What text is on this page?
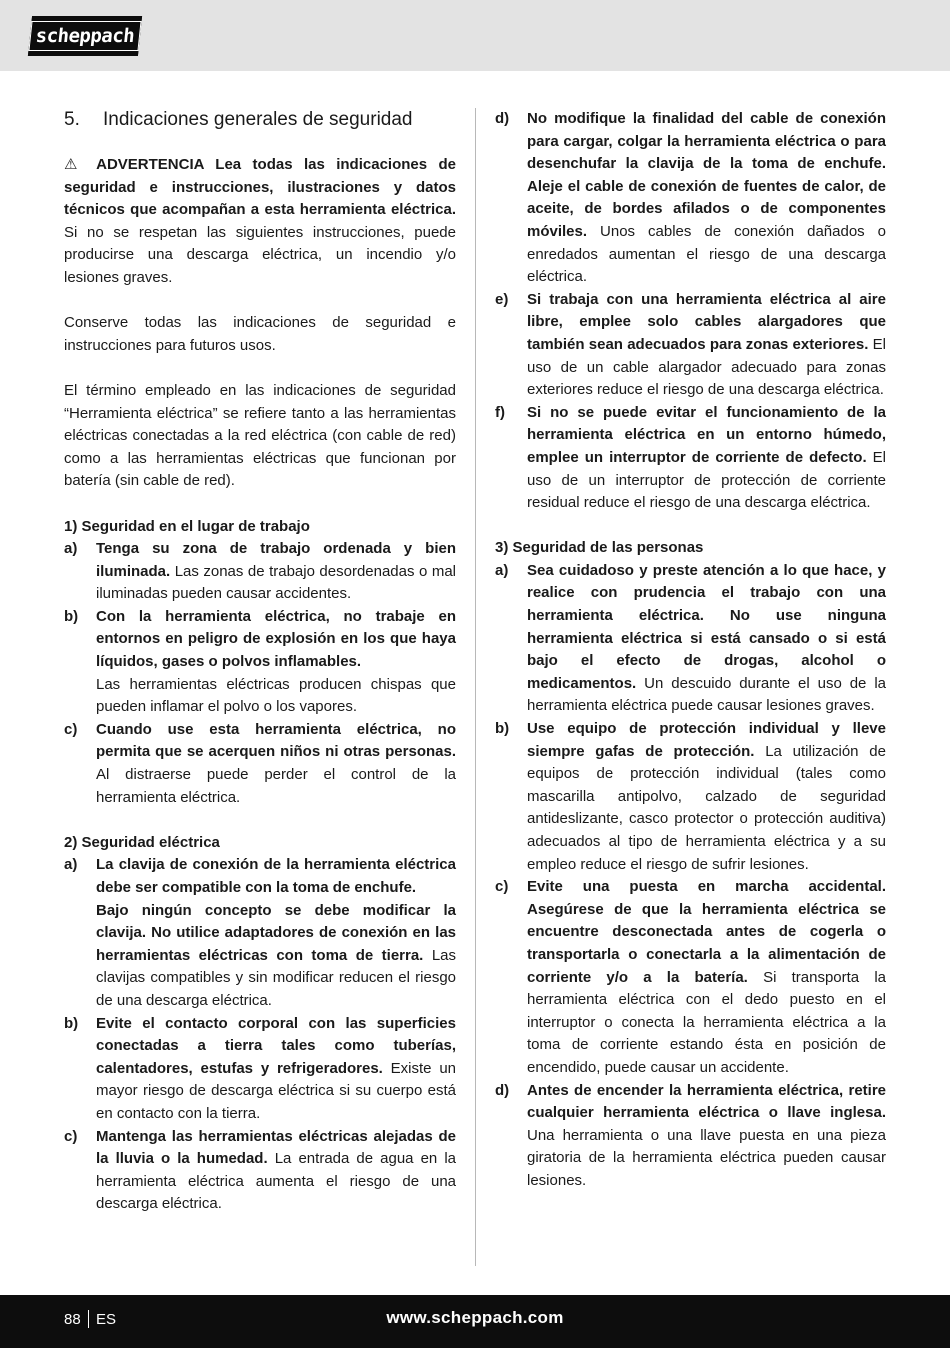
scheppach
5.	Indicaciones generales de seguridad

⚠ ADVERTENCIA Lea todas las indicaciones de seguridad e instrucciones, ilustraciones y datos técnicos que acompañan a esta herramienta eléctrica. Si no se respetan las siguientes instrucciones, puede producirse una descarga eléctrica, un incendio y/o lesiones graves.

Conserve todas las indicaciones de seguridad e instrucciones para futuros usos.

El término empleado en las indicaciones de seguridad “Herramienta eléctrica” se refiere tanto a las herramientas eléctricas conectadas a la red eléctrica (con cable de red) como a las herramientas eléctricas que funcionan por batería (sin cable de red).

1) Seguridad en el lugar de trabajo

a)	Tenga su zona de trabajo ordenada y bien iluminada. Las zonas de trabajo desordenadas o mal iluminadas pueden causar accidentes.
b)	Con la herramienta eléctrica, no trabaje en entornos en peligro de explosión en los que haya líquidos, gases o polvos inflamables.
Las herramientas eléctricas producen chispas que pueden inflamar el polvo o los vapores.
c)	Cuando use esta herramienta eléctrica, no permita que se acerquen niños ni otras personas. Al distraerse puede perder el control de la herramienta eléctrica.

2) Seguridad eléctrica

a)	La clavija de conexión de la herramienta eléctrica debe ser compatible con la toma de enchufe.
Bajo ningún concepto se debe modificar la clavija. No utilice adaptadores de conexión en las herramientas eléctricas con toma de tierra. Las clavijas compatibles y sin modificar reducen el riesgo de una descarga eléctrica.
b)	Evite el contacto corporal con las superficies conectadas a tierra tales como tuberías, calentadores, estufas y refrigeradores. Existe un mayor riesgo de descarga eléctrica si su cuerpo está en contacto con la tierra.
c)	Mantenga las herramientas eléctricas alejadas de la lluvia o la humedad. La entrada de agua en la herramienta eléctrica aumenta el riesgo de una descarga eléctrica.
d)	No modifique la finalidad del cable de conexión para cargar, colgar la herramienta eléctrica o para desenchufar la clavija de la toma de enchufe. Aleje el cable de conexión de fuentes de calor, de aceite, de bordes afilados o de componentes móviles. Unos cables de conexión dañados o enredados aumentan el riesgo de una descarga eléctrica.
e)	Si trabaja con una herramienta eléctrica al aire libre, emplee solo cables alargadores que también sean adecuados para zonas exteriores. El uso de un cable alargador adecuado para zonas exteriores reduce el riesgo de una descarga eléctrica.
f)	Si no se puede evitar el funcionamiento de la herramienta eléctrica en un entorno húmedo, emplee un interruptor de corriente de defecto. El uso de un interruptor de protección de corriente residual reduce el riesgo de una descarga eléctrica.

3) Seguridad de las personas

a)	Sea cuidadoso y preste atención a lo que hace, y realice con prudencia el trabajo con una herramienta eléctrica. No use ninguna herramienta eléctrica si está cansado o si está bajo el efecto de drogas, alcohol o medicamentos. Un descuido durante el uso de la herramienta eléctrica puede causar lesiones graves.
b)	Use equipo de protección individual y lleve siempre gafas de protección. La utilización de equipos de protección individual (tales como mascarilla antipolvo, calzado de seguridad antideslizante, casco protector o protección auditiva) adecuados al tipo de herramienta eléctrica y a su empleo reduce el riesgo de sufrir lesiones.
c)	Evite una puesta en marcha accidental. Asegúrese de que la herramienta eléctrica se encuentre desconectada antes de cogerla o transportarla o conectarla a la alimentación de corriente y/o a la batería. Si transporta la herramienta eléctrica con el dedo puesto en el interruptor o conecta la herramienta eléctrica a la toma de corriente estando ésta en posición de encendido, puede causar un accidente.
d)	Antes de encender la herramienta eléctrica, retire cualquier herramienta eléctrica o llave inglesa. Una herramienta o una llave puesta en una pieza giratoria de la herramienta eléctrica pueden causar lesiones.
88 ES	www.scheppach.com
